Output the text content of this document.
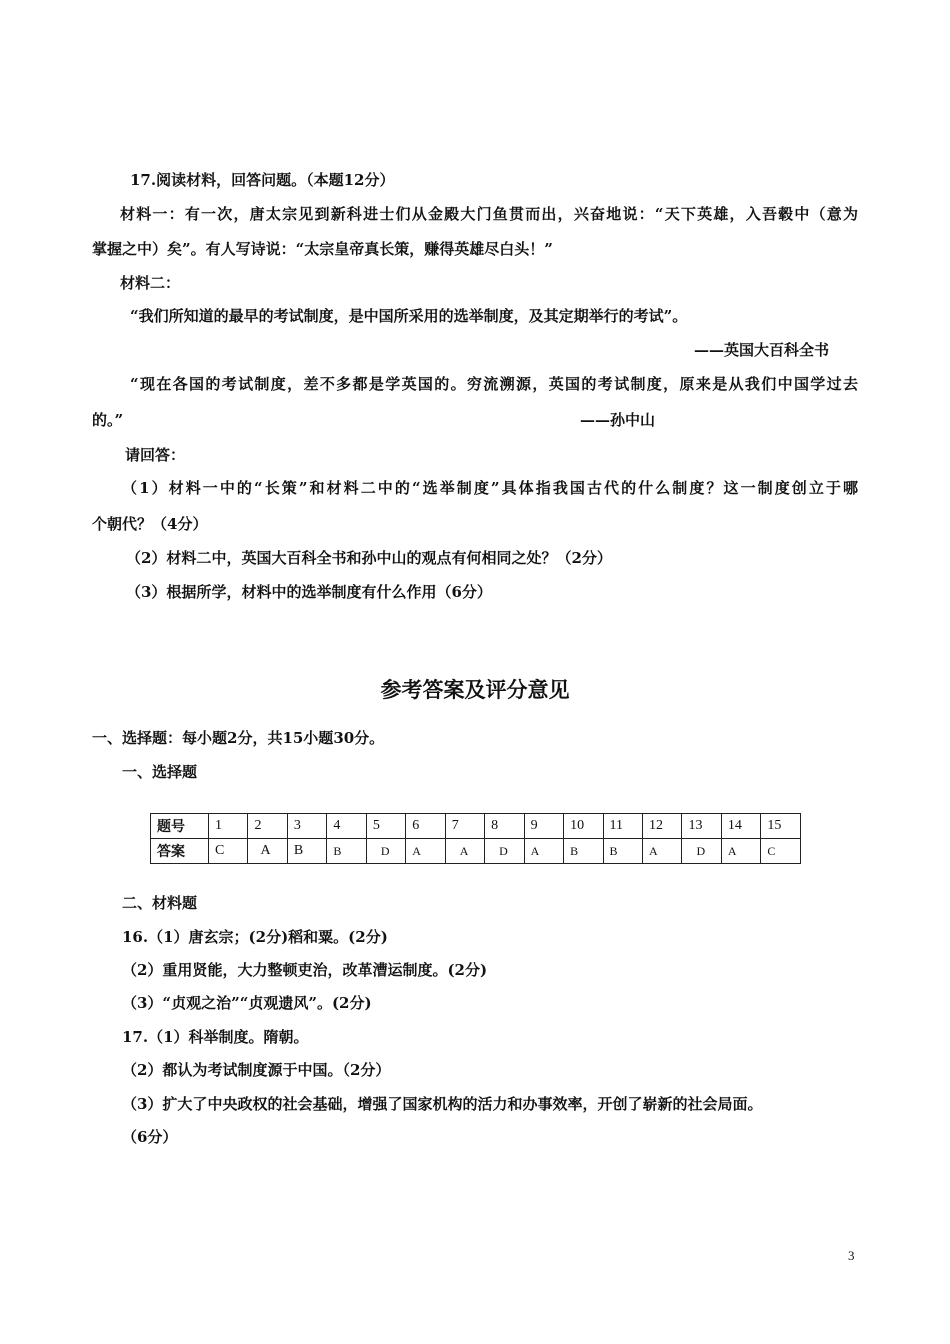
17.阅读材料，回答问题。（本题12分）
材料一：有一次，唐太宗见到新科进士们从金殿大门鱼贯而出，兴奋地说：“天下英雄，入吾毂中（意为
掌握之中）矣”。有人写诗说：“太宗皇帝真长策，赚得英雄尽白头！”
材料二：
“我们所知道的最早的考试制度，是中国所采用的选举制度，及其定期举行的考试”。
——英国大百科全书
“现在各国的考试制度，差不多都是学英国的。穷流溯源，英国的考试制度，原来是从我们中国学过去
的。”	——孙中山
请回答：
（1）材料一中的“长策”和材料二中的“选举制度”具体指我国古代的什么制度？这一制度创立于哪
个朝代？（4分）
（2）材料二中，英国大百科全书和孙中山的观点有何相同之处？（2分）
（3）根据所学，材料中的选举制度有什么作用（6分）
参考答案及评分意见
一、选择题：每小题2分，共15小题30分。
一、选择题
题号	1	2	3	4	5	6	7	8	9	10	11	12	13	14	15
答案	C	A	B	B	D	A	A	D	A	B	B	A	D	A	C
二、材料题
16.（1）唐玄宗；(2分)稻和粟。(2分)
（2）重用贤能，大力整顿吏治，改革漕运制度。(2分)
（3）“贞观之治”“贞观遗风”。(2分)
17.（1）科举制度。隋朝。
（2）都认为考试制度源于中国。（2分）
（3）扩大了中央政权的社会基础，增强了国家机构的活力和办事效率，开创了崭新的社会局面。
（6分）
3
